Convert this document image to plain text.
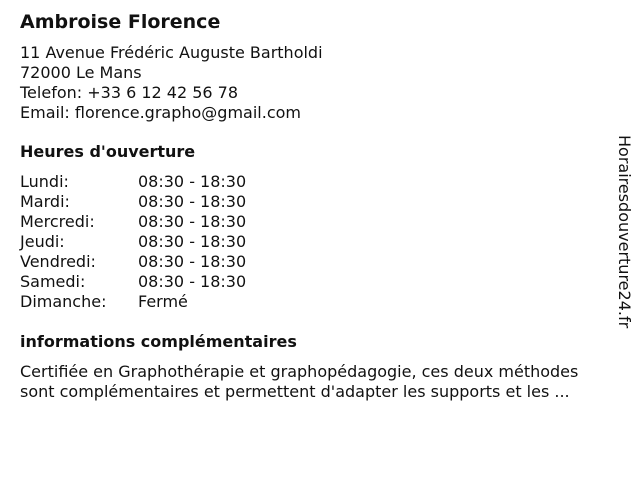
Ambroise Florence
11 Avenue Frédéric Auguste Bartholdi
72000 Le Mans
Telefon: +33 6 12 42 56 78
Email: florence.grapho@gmail.com
Heures d'ouverture
Lundi:	08:30 - 18:30
Mardi:	08:30 - 18:30
Mercredi:	08:30 - 18:30
Jeudi:	08:30 - 18:30
Vendredi:	08:30 - 18:30
Samedi:	08:30 - 18:30
Dimanche:	Fermé
informations complémentaires
Certifiée en Graphothérapie et graphopédagogie, ces deux méthodes
sont complémentaires et permettent d'adapter les supports et les ...
Horairesdouverture24.fr
